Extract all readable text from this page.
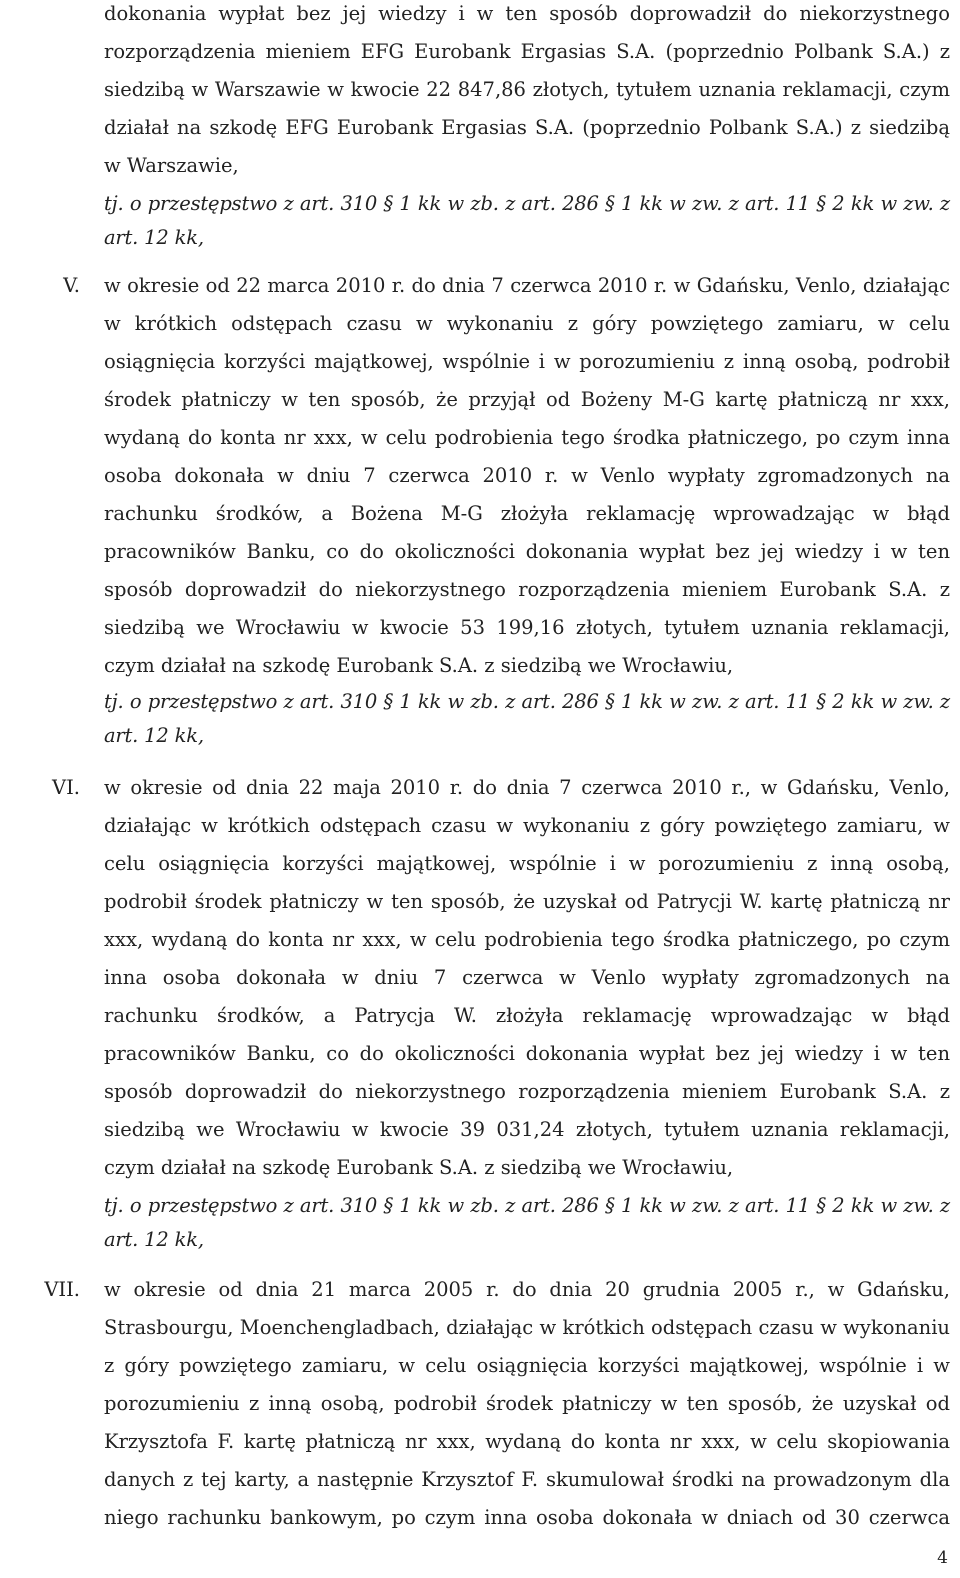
dokonania wypłat bez jej wiedzy i w ten sposób doprowadził do niekorzystnego
rozporządzenia mieniem EFG Eurobank Ergasias S.A. (poprzednio Polbank S.A.) z
siedzibą w Warszawie w kwocie 22 847,86 złotych, tytułem uznania reklamacji, czym
działał na szkodę EFG Eurobank Ergasias S.A. (poprzednio Polbank S.A.) z siedzibą
w Warszawie,
tj. o przestępstwo z art. 310 § 1 kk w zb. z art. 286 § 1 kk w zw. z art. 11 § 2 kk w zw. z
art. 12 kk,
V. w okresie od 22 marca 2010 r. do dnia 7 czerwca 2010 r. w Gdańsku, Venlo, działając
w krótkich odstępach czasu w wykonaniu z góry powziętego zamiaru, w celu
osiągnięcia korzyści majątkowej, wspólnie i w porozumieniu z inną osobą, podrobił
środek płatniczy w ten sposób, że przyjął od Bożeny M-G kartę płatniczą nr xxx,
wydaną do konta nr xxx, w celu podrobienia tego środka płatniczego, po czym inna
osoba dokonała w dniu 7 czerwca 2010 r. w Venlo wypłaty zgromadzonych na
rachunku środków, a Bożena M-G złożyła reklamację wprowadzając w błąd
pracowników Banku, co do okoliczności dokonania wypłat bez jej wiedzy i w ten
sposób doprowadził do niekorzystnego rozporządzenia mieniem Eurobank S.A. z
siedzibą we Wrocławiu w kwocie 53 199,16 złotych, tytułem uznania reklamacji,
czym działał na szkodę Eurobank S.A. z siedzibą we Wrocławiu,
tj. o przestępstwo z art. 310 § 1 kk w zb. z art. 286 § 1 kk w zw. z art. 11 § 2 kk w zw. z
art. 12 kk,
VI. w okresie od dnia 22 maja 2010 r. do dnia 7 czerwca 2010 r., w Gdańsku, Venlo,
działając w krótkich odstępach czasu w wykonaniu z góry powziętego zamiaru, w
celu osiągnięcia korzyści majątkowej, wspólnie i w porozumieniu z inną osobą,
podrobił środek płatniczy w ten sposób, że uzyskał od Patrycji W. kartę płatniczą nr
xxx, wydaną do konta nr xxx, w celu podrobienia tego środka płatniczego, po czym
inna osoba dokonała w dniu 7 czerwca w Venlo wypłaty zgromadzonych na
rachunku środków, a Patrycja W. złożyła reklamację wprowadzając w błąd
pracowników Banku, co do okoliczności dokonania wypłat bez jej wiedzy i w ten
sposób doprowadził do niekorzystnego rozporządzenia mieniem Eurobank S.A. z
siedzibą we Wrocławiu w kwocie 39 031,24 złotych, tytułem uznania reklamacji,
czym działał na szkodę Eurobank S.A. z siedzibą we Wrocławiu,
tj. o przestępstwo z art. 310 § 1 kk w zb. z art. 286 § 1 kk w zw. z art. 11 § 2 kk w zw. z
art. 12 kk,
VII. w okresie od dnia 21 marca 2005 r. do dnia 20 grudnia 2005 r., w Gdańsku,
Strasbourgu, Moenchengladbach, działając w krótkich odstępach czasu w wykonaniu
z góry powziętego zamiaru, w celu osiągnięcia korzyści majątkowej, wspólnie i w
porozumieniu z inną osobą, podrobił środek płatniczy w ten sposób, że uzyskał od
Krzysztofa F. kartę płatniczą nr xxx, wydaną do konta nr xxx, w celu skopiowania
danych z tej karty, a następnie Krzysztof F. skumulował środki na prowadzonym dla
niego rachunku bankowym, po czym inna osoba dokonała w dniach od 30 czerwca
4
